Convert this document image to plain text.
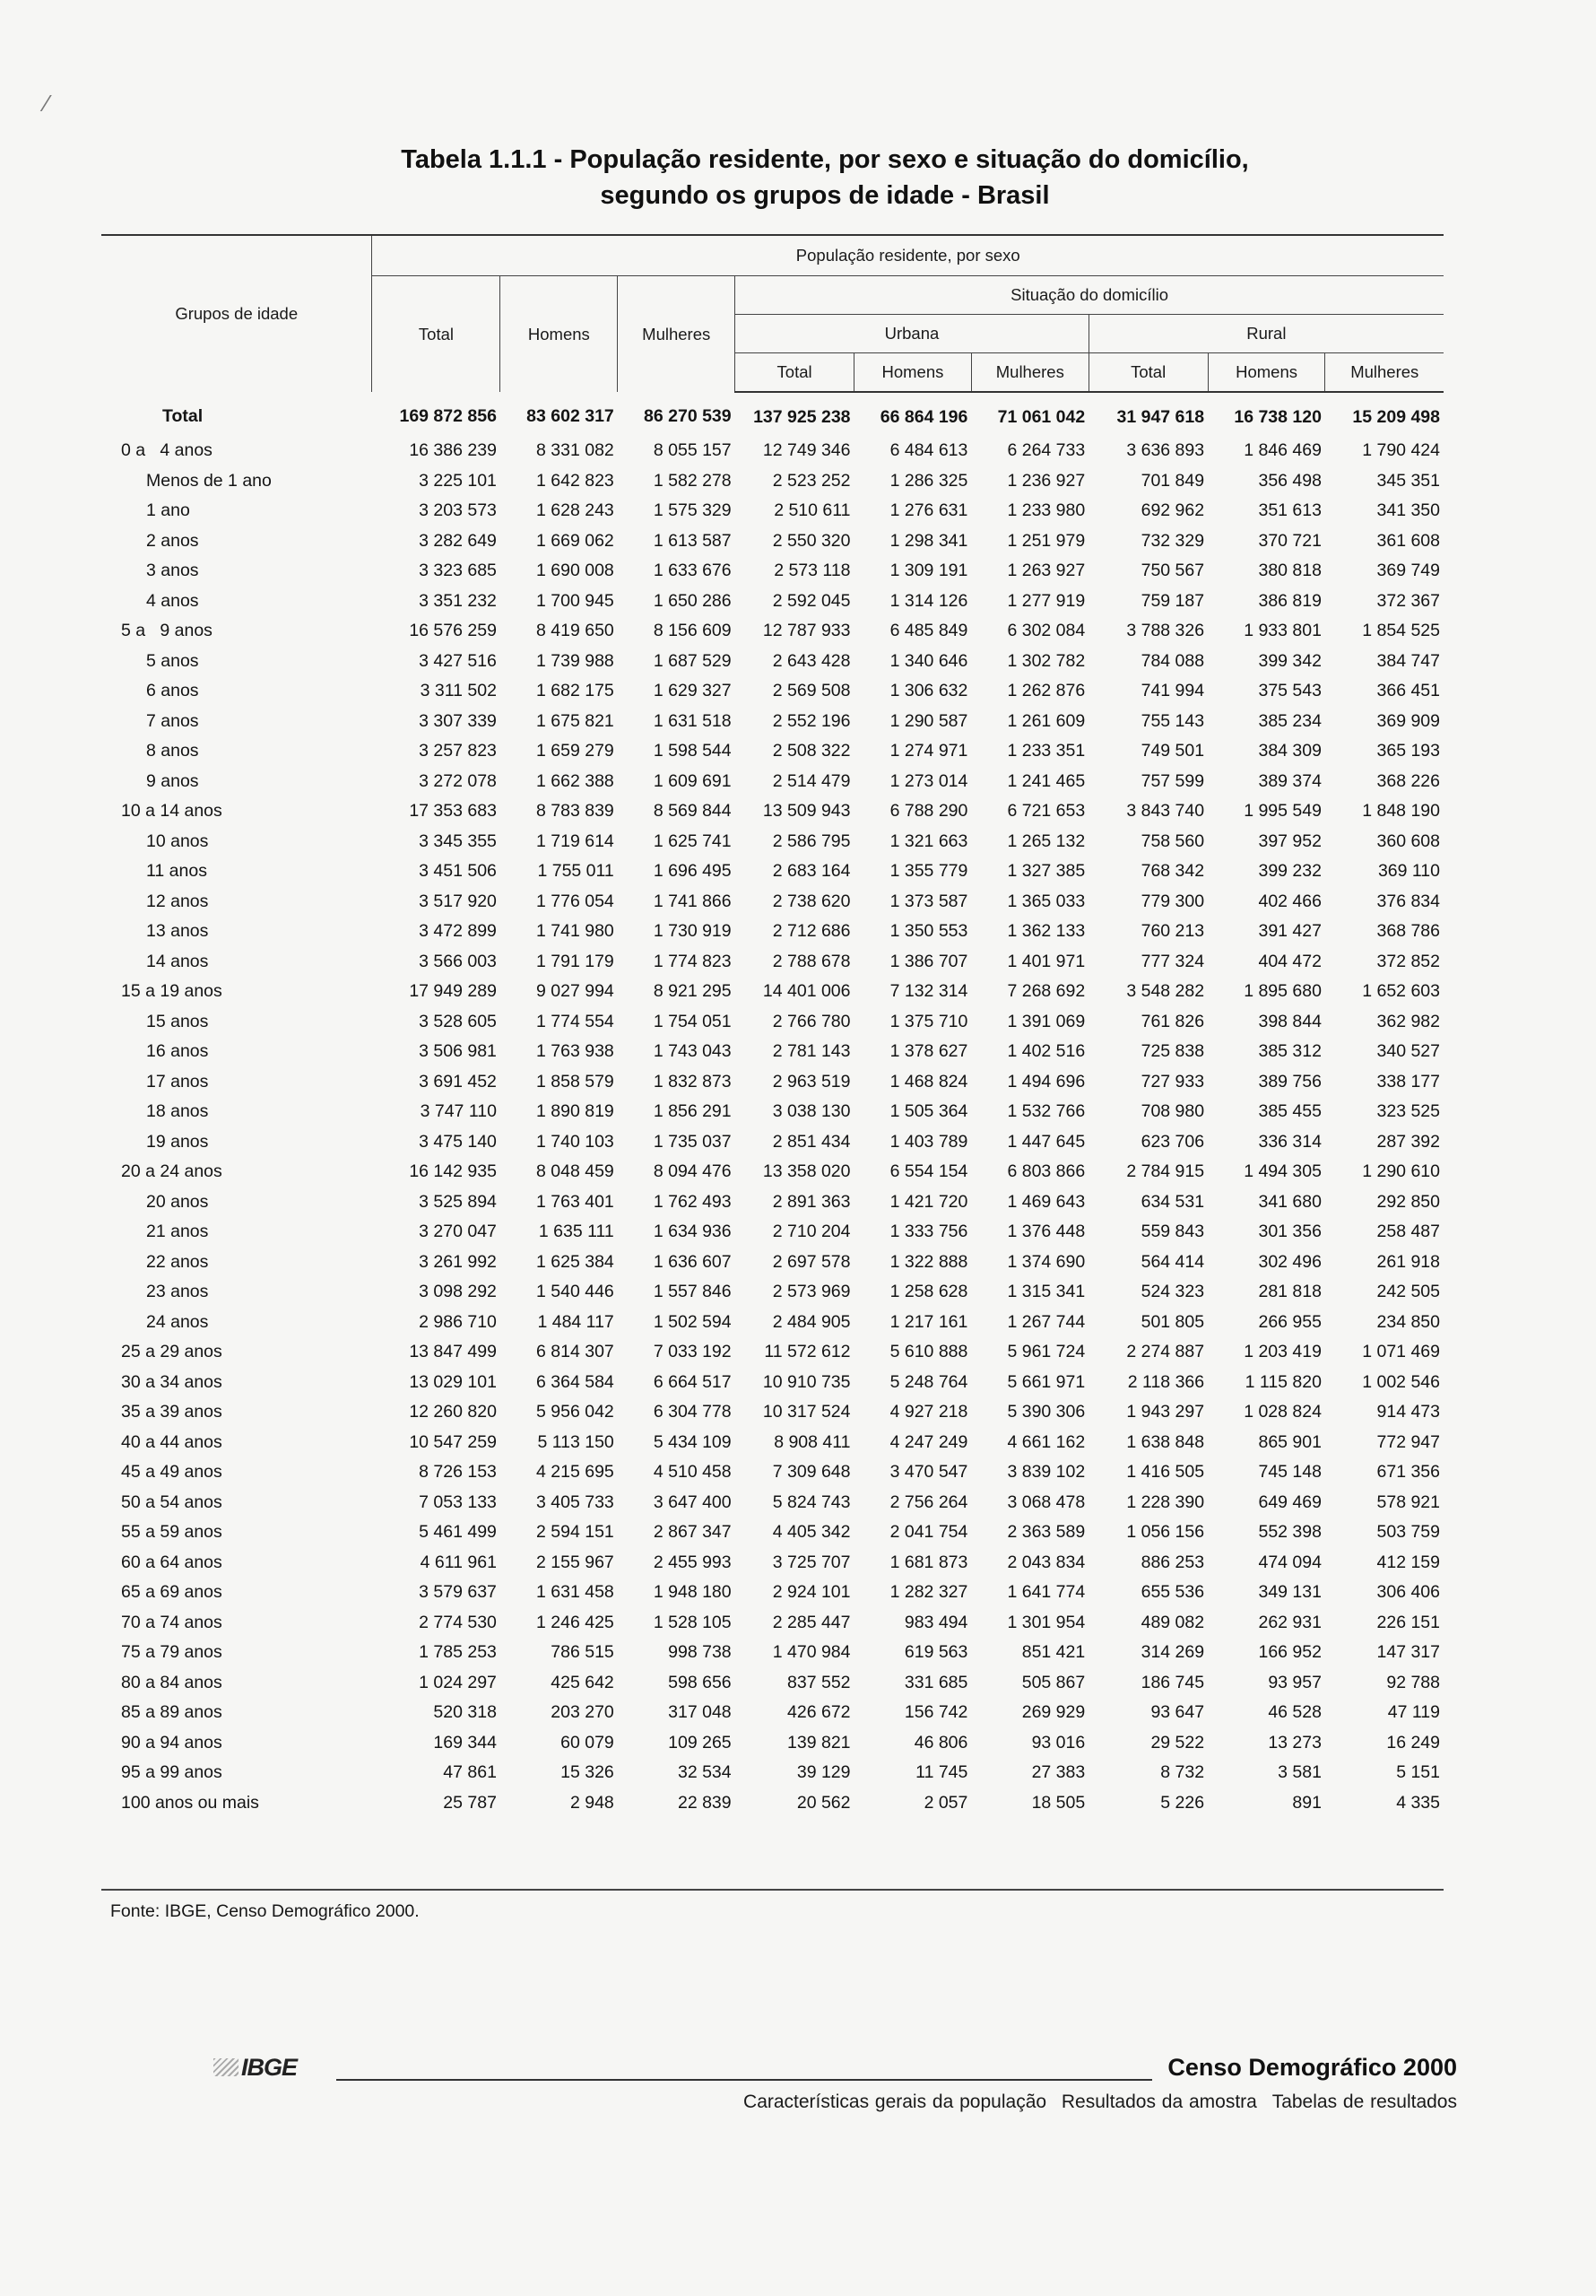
⁄
Tabela 1.1.1 - População residente, por sexo e situação do domicílio,
segundo os grupos de idade - Brasil
Grupos de idade	População residente, por sexo								
	Total	Homens	Mulheres	Situação do domicílio					
				Urbana			Rural		
				Total	Homens	Mulheres	Total	Homens	Mulheres
Total	169 872 856	83 602 317	86 270 539	137 925 238	66 864 196	71 061 042	31 947 618	16 738 120	15 209 498
0 a   4 anos	16 386 239	8 331 082	8 055 157	12 749 346	6 484 613	6 264 733	3 636 893	1 846 469	1 790 424
Menos de 1 ano	3 225 101	1 642 823	1 582 278	2 523 252	1 286 325	1 236 927	701 849	356 498	345 351
1 ano	3 203 573	1 628 243	1 575 329	2 510 611	1 276 631	1 233 980	692 962	351 613	341 350
2 anos	3 282 649	1 669 062	1 613 587	2 550 320	1 298 341	1 251 979	732 329	370 721	361 608
3 anos	3 323 685	1 690 008	1 633 676	2 573 118	1 309 191	1 263 927	750 567	380 818	369 749
4 anos	3 351 232	1 700 945	1 650 286	2 592 045	1 314 126	1 277 919	759 187	386 819	372 367
5 a   9 anos	16 576 259	8 419 650	8 156 609	12 787 933	6 485 849	6 302 084	3 788 326	1 933 801	1 854 525
5 anos	3 427 516	1 739 988	1 687 529	2 643 428	1 340 646	1 302 782	784 088	399 342	384 747
6 anos	3 311 502	1 682 175	1 629 327	2 569 508	1 306 632	1 262 876	741 994	375 543	366 451
7 anos	3 307 339	1 675 821	1 631 518	2 552 196	1 290 587	1 261 609	755 143	385 234	369 909
8 anos	3 257 823	1 659 279	1 598 544	2 508 322	1 274 971	1 233 351	749 501	384 309	365 193
9 anos	3 272 078	1 662 388	1 609 691	2 514 479	1 273 014	1 241 465	757 599	389 374	368 226
10 a 14 anos	17 353 683	8 783 839	8 569 844	13 509 943	6 788 290	6 721 653	3 843 740	1 995 549	1 848 190
10 anos	3 345 355	1 719 614	1 625 741	2 586 795	1 321 663	1 265 132	758 560	397 952	360 608
11 anos	3 451 506	1 755 011	1 696 495	2 683 164	1 355 779	1 327 385	768 342	399 232	369 110
12 anos	3 517 920	1 776 054	1 741 866	2 738 620	1 373 587	1 365 033	779 300	402 466	376 834
13 anos	3 472 899	1 741 980	1 730 919	2 712 686	1 350 553	1 362 133	760 213	391 427	368 786
14 anos	3 566 003	1 791 179	1 774 823	2 788 678	1 386 707	1 401 971	777 324	404 472	372 852
15 a 19 anos	17 949 289	9 027 994	8 921 295	14 401 006	7 132 314	7 268 692	3 548 282	1 895 680	1 652 603
15 anos	3 528 605	1 774 554	1 754 051	2 766 780	1 375 710	1 391 069	761 826	398 844	362 982
16 anos	3 506 981	1 763 938	1 743 043	2 781 143	1 378 627	1 402 516	725 838	385 312	340 527
17 anos	3 691 452	1 858 579	1 832 873	2 963 519	1 468 824	1 494 696	727 933	389 756	338 177
18 anos	3 747 110	1 890 819	1 856 291	3 038 130	1 505 364	1 532 766	708 980	385 455	323 525
19 anos	3 475 140	1 740 103	1 735 037	2 851 434	1 403 789	1 447 645	623 706	336 314	287 392
20 a 24 anos	16 142 935	8 048 459	8 094 476	13 358 020	6 554 154	6 803 866	2 784 915	1 494 305	1 290 610
20 anos	3 525 894	1 763 401	1 762 493	2 891 363	1 421 720	1 469 643	634 531	341 680	292 850
21 anos	3 270 047	1 635 111	1 634 936	2 710 204	1 333 756	1 376 448	559 843	301 356	258 487
22 anos	3 261 992	1 625 384	1 636 607	2 697 578	1 322 888	1 374 690	564 414	302 496	261 918
23 anos	3 098 292	1 540 446	1 557 846	2 573 969	1 258 628	1 315 341	524 323	281 818	242 505
24 anos	2 986 710	1 484 117	1 502 594	2 484 905	1 217 161	1 267 744	501 805	266 955	234 850
25 a 29 anos	13 847 499	6 814 307	7 033 192	11 572 612	5 610 888	5 961 724	2 274 887	1 203 419	1 071 469
30 a 34 anos	13 029 101	6 364 584	6 664 517	10 910 735	5 248 764	5 661 971	2 118 366	1 115 820	1 002 546
35 a 39 anos	12 260 820	5 956 042	6 304 778	10 317 524	4 927 218	5 390 306	1 943 297	1 028 824	914 473
40 a 44 anos	10 547 259	5 113 150	5 434 109	8 908 411	4 247 249	4 661 162	1 638 848	865 901	772 947
45 a 49 anos	8 726 153	4 215 695	4 510 458	7 309 648	3 470 547	3 839 102	1 416 505	745 148	671 356
50 a 54 anos	7 053 133	3 405 733	3 647 400	5 824 743	2 756 264	3 068 478	1 228 390	649 469	578 921
55 a 59 anos	5 461 499	2 594 151	2 867 347	4 405 342	2 041 754	2 363 589	1 056 156	552 398	503 759
60 a 64 anos	4 611 961	2 155 967	2 455 993	3 725 707	1 681 873	2 043 834	886 253	474 094	412 159
65 a 69 anos	3 579 637	1 631 458	1 948 180	2 924 101	1 282 327	1 641 774	655 536	349 131	306 406
70 a 74 anos	2 774 530	1 246 425	1 528 105	2 285 447	983 494	1 301 954	489 082	262 931	226 151
75 a 79 anos	1 785 253	786 515	998 738	1 470 984	619 563	851 421	314 269	166 952	147 317
80 a 84 anos	1 024 297	425 642	598 656	837 552	331 685	505 867	186 745	93 957	92 788
85 a 89 anos	520 318	203 270	317 048	426 672	156 742	269 929	93 647	46 528	47 119
90 a 94 anos	169 344	60 079	109 265	139 821	46 806	93 016	29 522	13 273	16 249
95 a 99 anos	47 861	15 326	32 534	39 129	11 745	27 383	8 732	3 581	5 151
100 anos ou mais	25 787	2 948	22 839	20 562	2 057	18 505	5 226	891	4 335
Fonte: IBGE, Censo Demográfico 2000.
IBGE	Censo Demográfico 2000
Características gerais da população Resultados da amostra Tabelas de resultados
